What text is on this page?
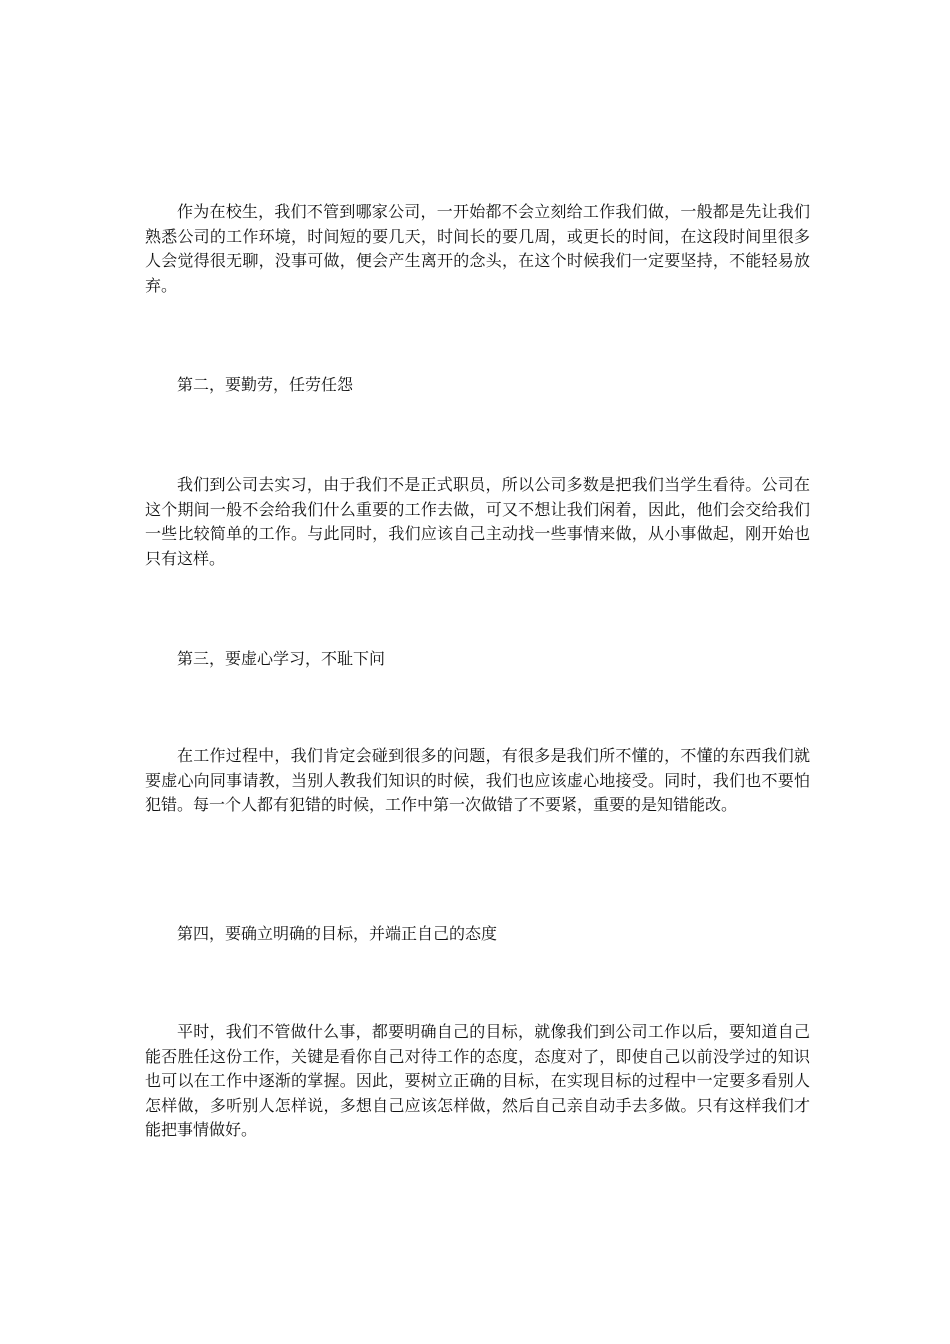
作为在校生，我们不管到哪家公司，一开始都不会立刻给工作我们做，一般都是先让我们熟悉公司的工作环境，时间短的要几天，时间长的要几周，或更长的时间，在这段时间里很多人会觉得很无聊，没事可做，便会产生离开的念头，在这个时候我们一定要坚持，不能轻易放弃。

第二，要勤劳，任劳任怨

我们到公司去实习，由于我们不是正式职员，所以公司多数是把我们当学生看待。公司在这个期间一般不会给我们什么重要的工作去做，可又不想让我们闲着，因此，他们会交给我们一些比较简单的工作。与此同时，我们应该自己主动找一些事情来做，从小事做起，刚开始也只有这样。

第三，要虚心学习，不耻下问

在工作过程中，我们肯定会碰到很多的问题，有很多是我们所不懂的，不懂的东西我们就要虚心向同事请教，当别人教我们知识的时候，我们也应该虚心地接受。同时，我们也不要怕犯错。每一个人都有犯错的时候，工作中第一次做错了不要紧，重要的是知错能改。

第四，要确立明确的目标，并端正自己的态度

平时，我们不管做什么事，都要明确自己的目标，就像我们到公司工作以后，要知道自己能否胜任这份工作，关键是看你自己对待工作的态度，态度对了，即使自己以前没学过的知识也可以在工作中逐渐的掌握。因此，要树立正确的目标，在实现目标的过程中一定要多看别人怎样做，多听别人怎样说，多想自己应该怎样做，然后自己亲自动手去多做。只有这样我们才能把事情做好。
